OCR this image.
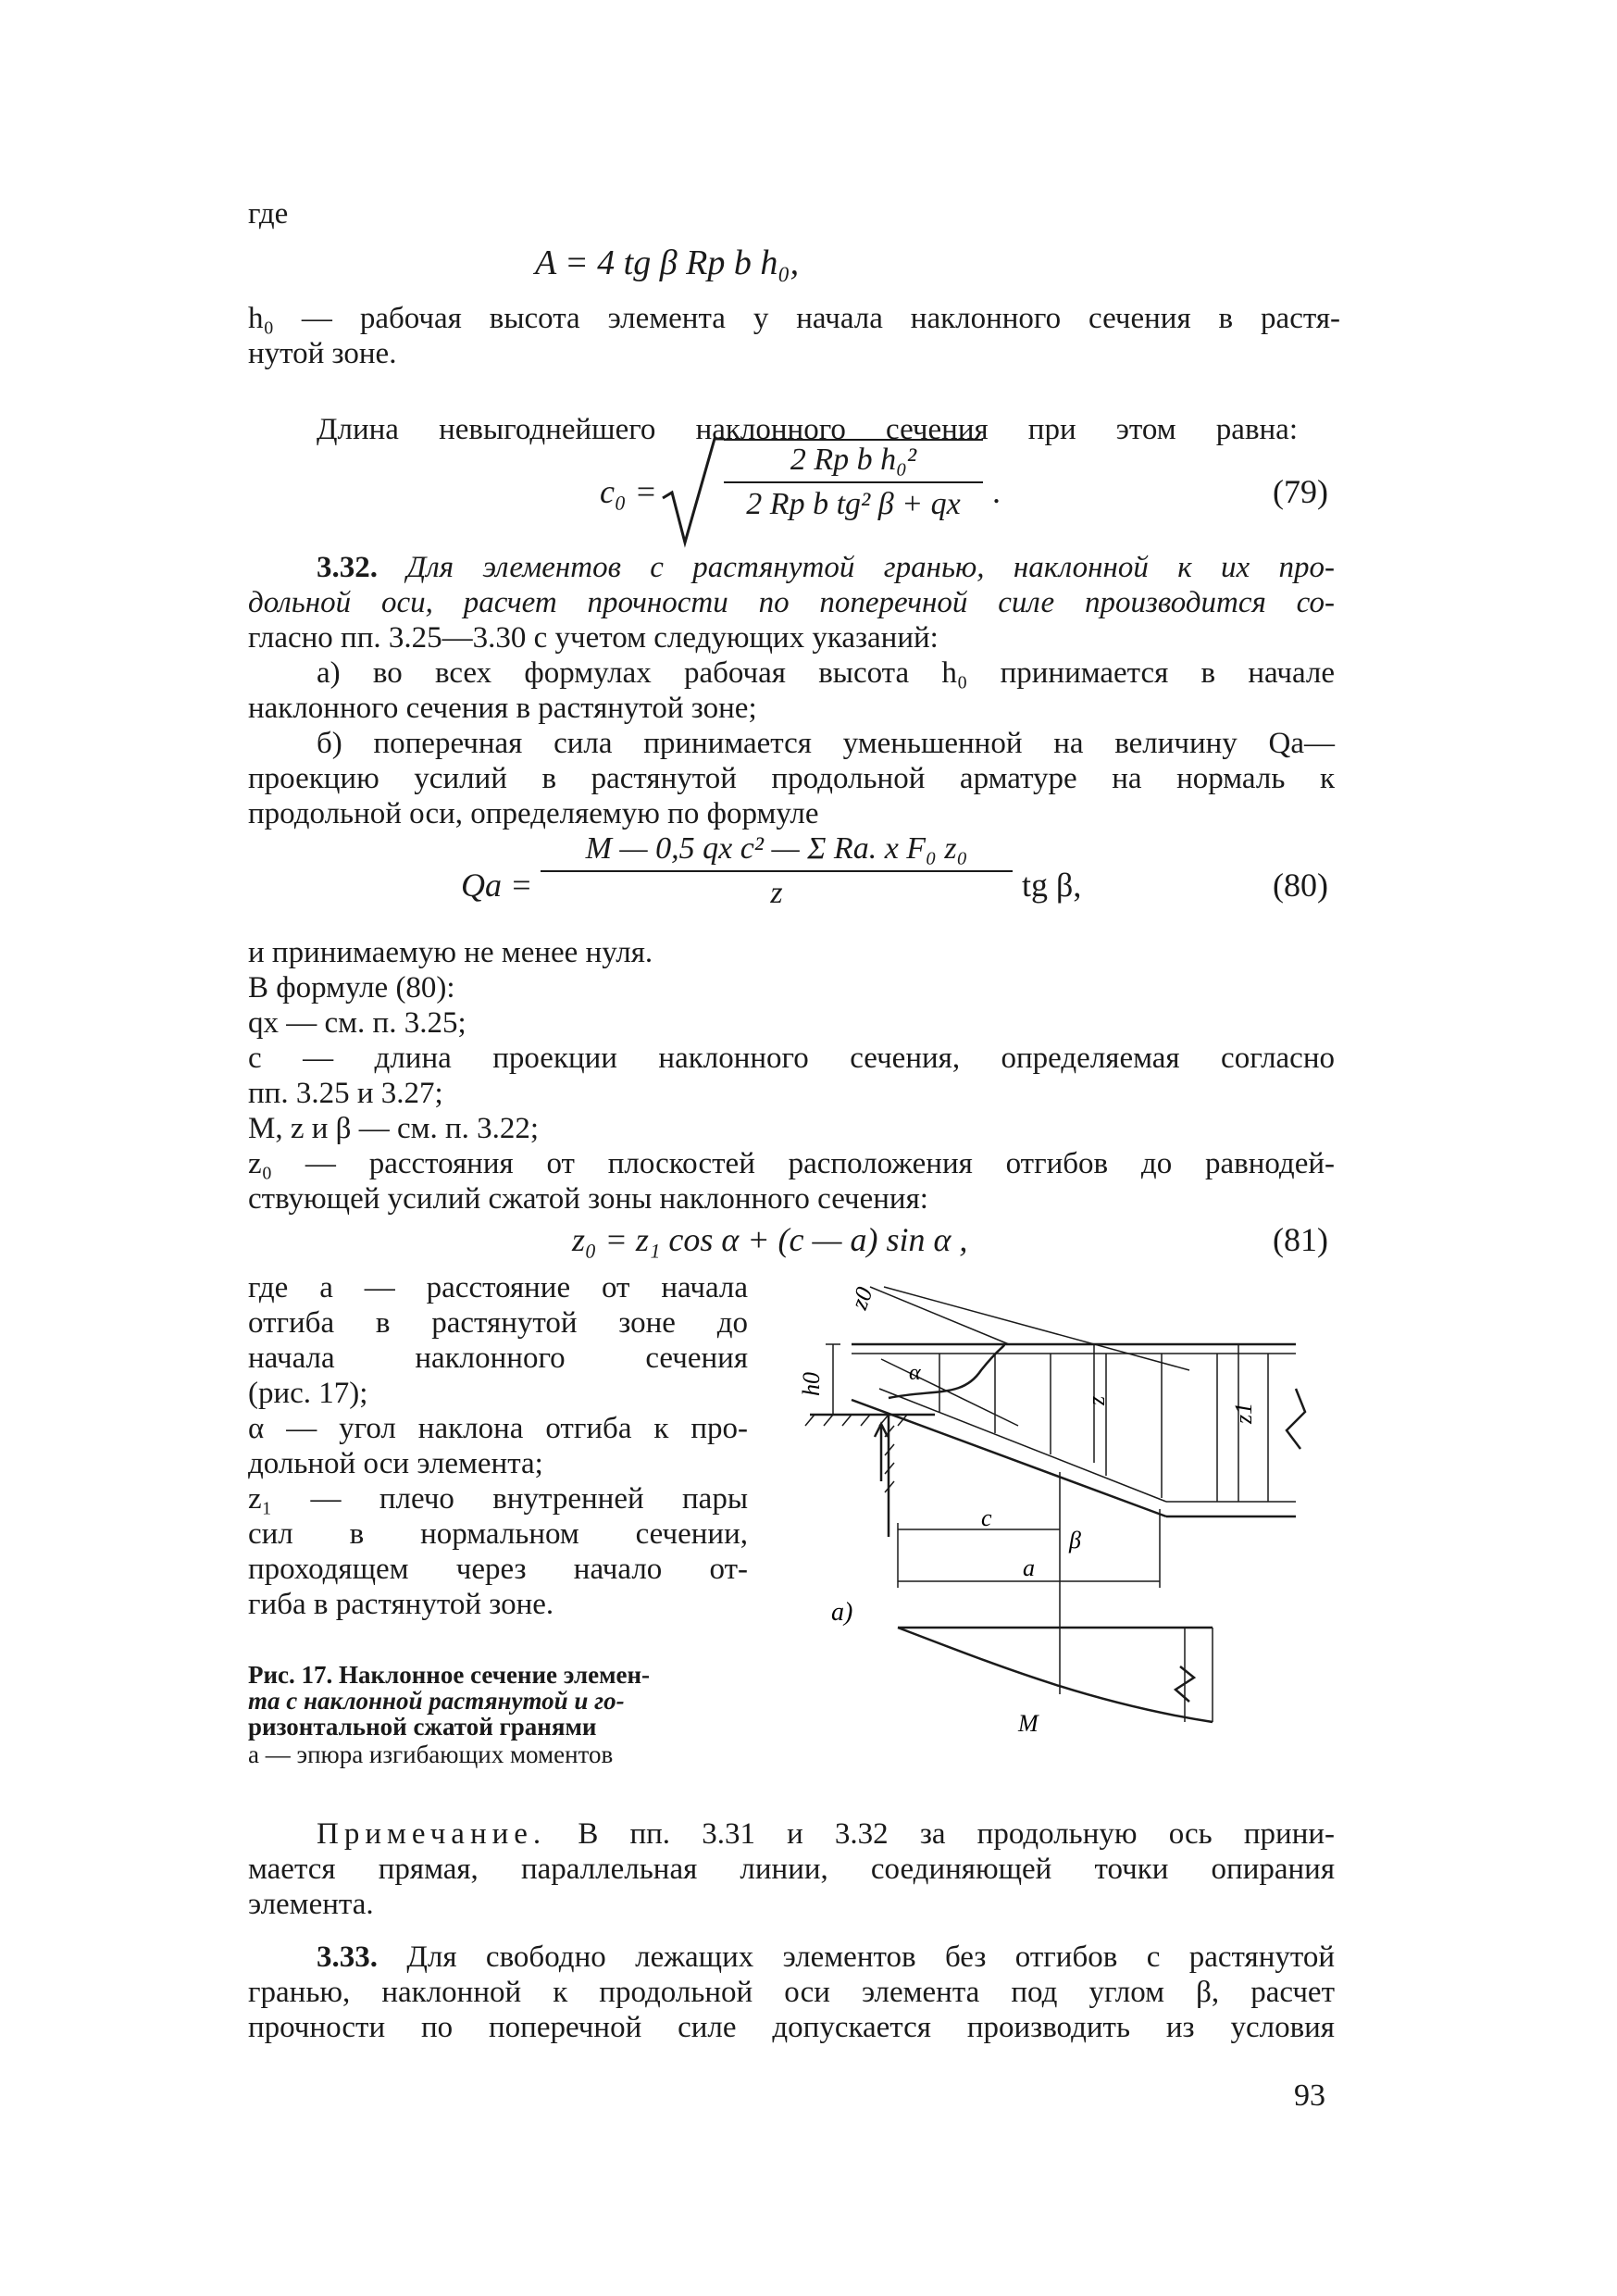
где
A = 4 tg β Rр b h₀,
h₀ — рабочая высота элемента у начала наклонного сечения в растя-
нутой зоне.
Длина невыгоднейшего наклонного сечения при этом равна:
c₀ =
2 Rр b h₀²
2 Rр b tg² β + qх .	(79)
3.32. Для элементов с растянутой гранью, наклонной к их про-
дольной оси, расчет прочности по поперечной силе производится со-
гласно пп. 3.25—3.30 с учетом следующих указаний:
а) во всех формулах рабочая высота h₀ принимается в начале
наклонного сечения в растянутой зоне;
б) поперечная сила принимается уменьшенной на величину Qа—
проекцию усилий в растянутой продольной арматуре на нормаль к
продольной оси, определяемую по формуле
Qа =
M — 0,5 qх c² — Σ Rа. х F₀ z₀
z	tg β,	(80)
и принимаемую не менее нуля.
В формуле (80):
qх — см. п. 3.25;
c — длина проекции наклонного сечения, определяемая согласно
пп. 3.25 и 3.27;
M, z и β — см. п. 3.22;
z₀ — расстояния от плоскостей расположения отгибов до равнодей-
ствующей усилий сжатой зоны наклонного сечения:
z₀ = z₁ cos α + (c — a) sin α ,	(81)
где a — расстояние от начала
отгиба в растянутой зоне до
начала наклонного сечения
(рис. 17);
α — угол наклона отгиба к про-
дольной оси элемента;
z₁ — плечо внутренней пары
сил в нормальном сечении,
проходящем через начало от-
гиба в растянутой зоне.
z0
h0	α
z
z1
c
β
a
a)
M
Рис. 17. Наклонное сечение элемен-
та с наклонной растянутой и го-
ризонтальной сжатой гранями
a — эпюра изгибающих моментов
Примечание. В пп. 3.31 и 3.32 за продольную ось прини-
мается прямая, параллельная линии, соединяющей точки опирания
элемента.
3.33. Для свободно лежащих элементов без отгибов с растянутой
гранью, наклонной к продольной оси элемента под углом β, расчет
прочности по поперечной силе допускается производить из условия
93
